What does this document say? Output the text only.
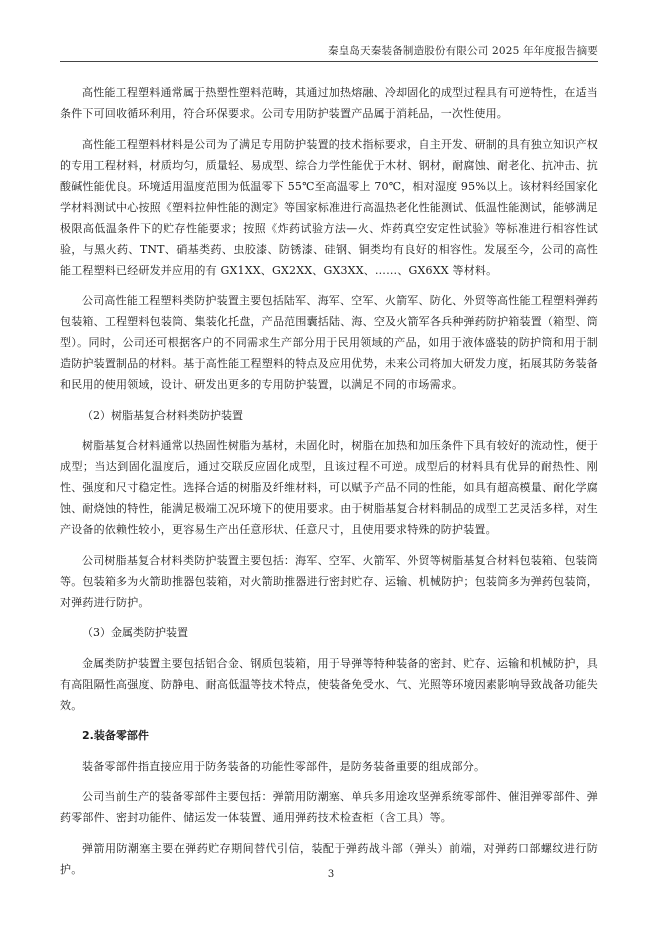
秦皇岛天秦装备制造股份有限公司 2025 年年度报告摘要

高性能工程塑料通常属于热塑性塑料范畴，其通过加热熔融、冷却固化的成型过程具有可逆特性，在适当条件下可回收循环利用，符合环保要求。公司专用防护装置产品属于消耗品，一次性使用。

高性能工程塑料材料是公司为了满足专用防护装置的技术指标要求，自主开发、研制的具有独立知识产权的专用工程材料，材质均匀，质量轻、易成型、综合力学性能优于木材、钢材，耐腐蚀、耐老化、抗冲击、抗酸碱性能优良。环境适用温度范围为低温零下 55℃至高温零上 70℃，相对湿度 95%以上。该材料经国家化学材料测试中心按照《塑料拉伸性能的测定》等国家标准进行高温热老化性能测试、低温性能测试，能够满足极限高低温条件下的贮存性能要求；按照《炸药试验方法—火、炸药真空安定性试验》等标准进行相容性试验，与黑火药、TNT、硝基类药、虫胶漆、防锈漆、硅钢、铜类均有良好的相容性。发展至今，公司的高性能工程塑料已经研发并应用的有 GX1XX、GX2XX、GX3XX、……、GX6XX 等材料。

公司高性能工程塑料类防护装置主要包括陆军、海军、空军、火箭军、防化、外贸等高性能工程塑料弹药包装箱、工程塑料包装筒、集装化托盘，产品范围囊括陆、海、空及火箭军各兵种弹药防护箱装置（箱型、筒型）。同时，公司还可根据客户的不同需求生产部分用于民用领域的产品，如用于液体盛装的防护筒和用于制造防护装置制品的材料。基于高性能工程塑料的特点及应用优势，未来公司将加大研发力度，拓展其防务装备和民用的使用领域，设计、研发出更多的专用防护装置，以满足不同的市场需求。

（2）树脂基复合材料类防护装置

树脂基复合材料通常以热固性树脂为基材，未固化时，树脂在加热和加压条件下具有较好的流动性，便于成型；当达到固化温度后，通过交联反应固化成型，且该过程不可逆。成型后的材料具有优异的耐热性、刚性、强度和尺寸稳定性。选择合适的树脂及纤维材料，可以赋予产品不同的性能，如具有超高模量、耐化学腐蚀、耐烧蚀的特性，能满足极端工况环境下的使用要求。由于树脂基复合材料制品的成型工艺灵活多样，对生产设备的依赖性较小，更容易生产出任意形状、任意尺寸，且使用要求特殊的防护装置。

公司树脂基复合材料类防护装置主要包括：海军、空军、火箭军、外贸等树脂基复合材料包装箱、包装筒等。包装箱多为火箭助推器包装箱，对火箭助推器进行密封贮存、运输、机械防护；包装筒多为弹药包装筒，对弹药进行防护。

（3）金属类防护装置

金属类防护装置主要包括铝合金、钢质包装箱，用于导弹等特种装备的密封、贮存、运输和机械防护，具有高阻隔性高强度、防静电、耐高低温等技术特点，使装备免受水、气、光照等环境因素影响导致战备功能失效。

2.装备零部件

装备零部件指直接应用于防务装备的功能性零部件，是防务装备重要的组成部分。

公司当前生产的装备零部件主要包括：弹箭用防潮塞、单兵多用途攻坚弹系统零部件、催泪弹零部件、弹药零部件、密封功能件、储运发一体装置、通用弹药技术检查柜（含工具）等。

弹箭用防潮塞主要在弹药贮存期间替代引信，装配于弹药战斗部（弹头）前端，对弹药口部螺纹进行防护。	3
